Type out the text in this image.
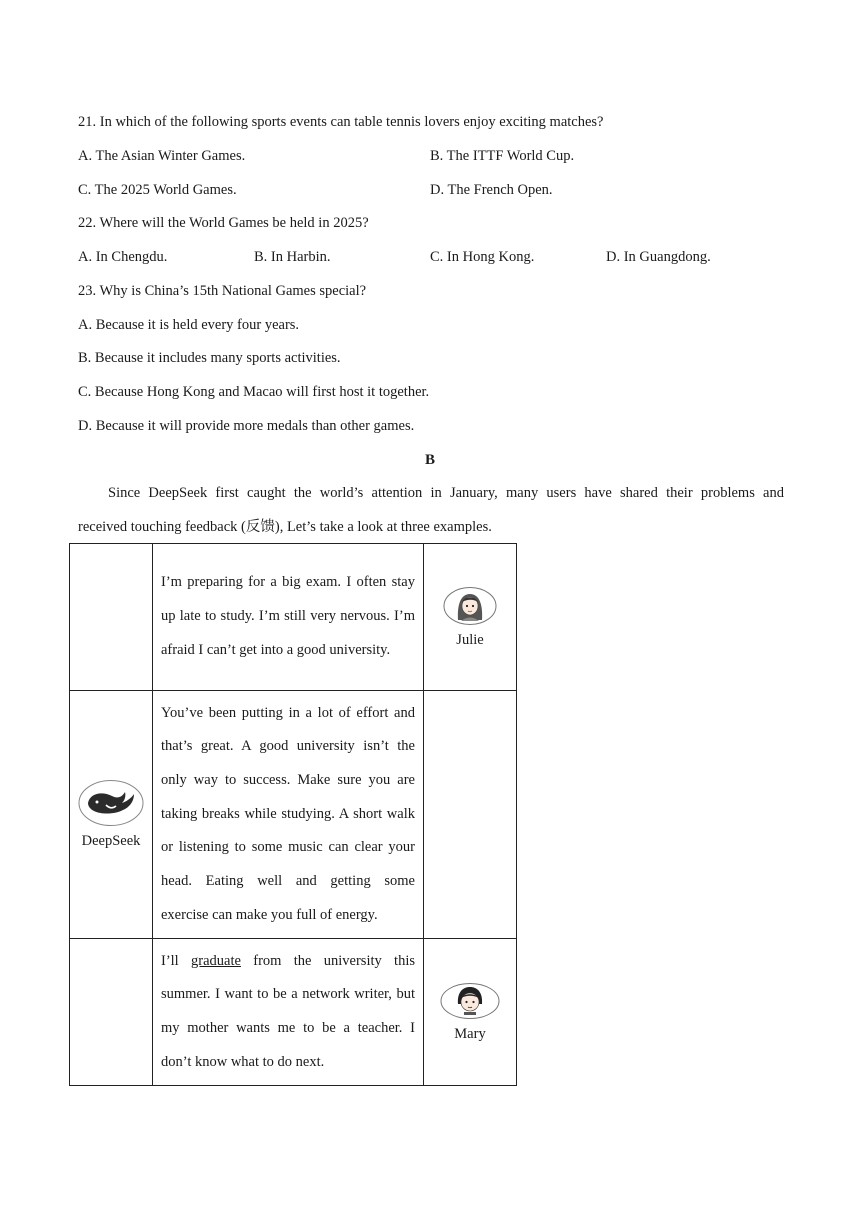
21. In which of the following sports events can table tennis lovers enjoy exciting matches?
A. The Asian Winter Games.	B. The ITTF World Cup.
C. The 2025 World Games.	D. The French Open.
22. Where will the World Games be held in 2025?
A. In Chengdu.	B. In Harbin.	C. In Hong Kong.	D. In Guangdong.
23. Why is China’s 15th National Games special?
A. Because it is held every four years.
B. Because it includes many sports activities.
C. Because Hong Kong and Macao will first host it together.
D. Because it will provide more medals than other games.
B
Since DeepSeek first caught the world’s attention in January, many users have shared their problems and
received touching feedback (反馈), Let’s take a look at three examples.

	I’m preparing for a big exam. I often stay up late to study. I’m still very nervous. I’m afraid I can’t get into a good university.	Julie

DeepSeek	You’ve been putting in a lot of effort and that’s great. A good university isn’t the only way to success. Make sure you are taking breaks while studying. A short walk or listening to some music can clear your head. Eating well and getting some exercise can make you full of energy.	

	I’ll graduate from the university this summer. I want to be a network writer, but my mother wants me to be a teacher. I don’t know what to do next.	Mary
